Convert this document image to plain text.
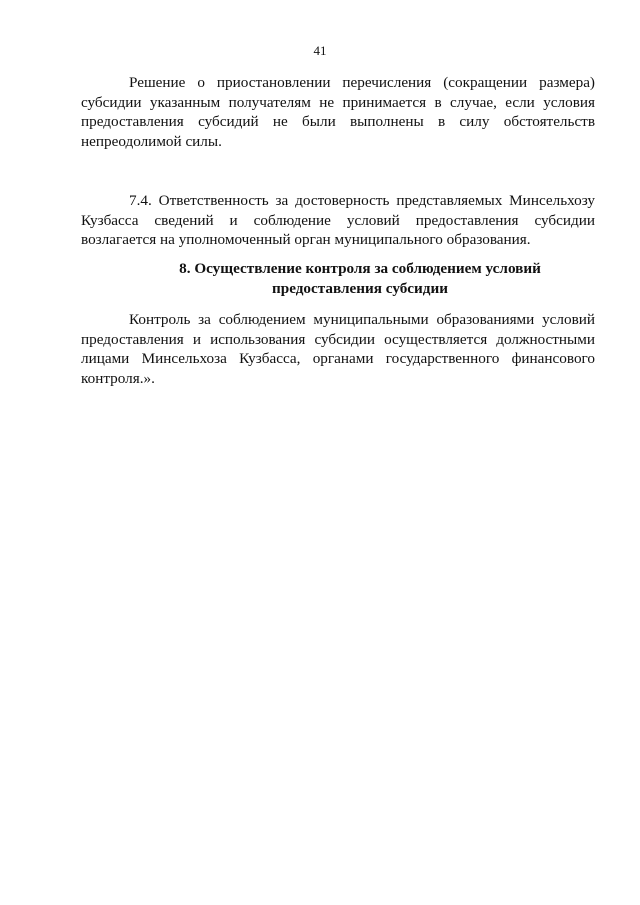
41

Решение о приостановлении перечисления (сокращении размера) субсидии указанным получателям не принимается в случае, если условия предоставления субсидий не были выполнены в силу обстоятельств непреодолимой силы.

7.4. Ответственность за достоверность представляемых Минсельхозу Кузбасса сведений и соблюдение условий предоставления субсидии возлагается на уполномоченный орган муниципального образования.

8. Осуществление контроля за соблюдением условий
предоставления субсидии

Контроль за соблюдением муниципальными образованиями условий предоставления и использования субсидии осуществляется должностными лицами Минсельхоза Кузбасса, органами государственного финансового контроля.».
